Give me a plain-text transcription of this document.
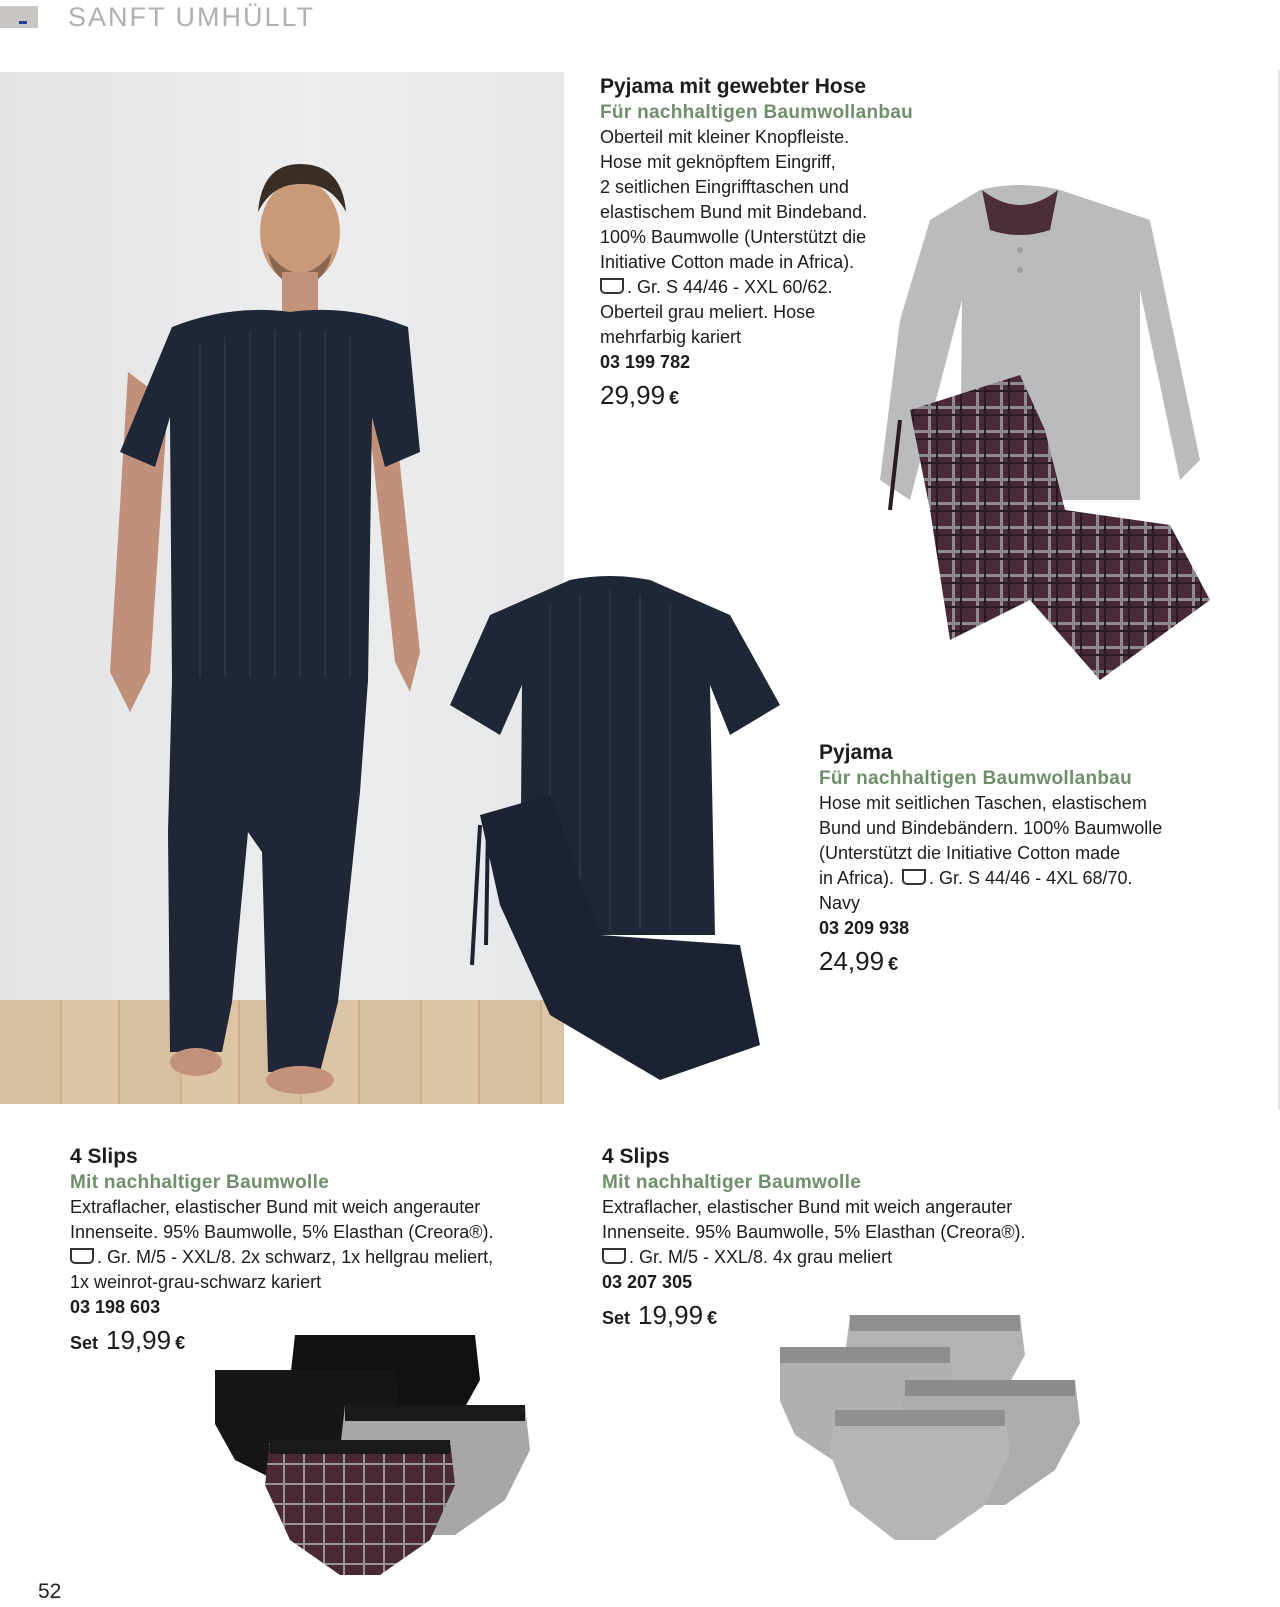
SANFT UMHÜLLT
Pyjama mit gewebter Hose
Für nachhaltigen Baumwollanbau
Oberteil mit kleiner Knopfleiste.
Hose mit geknöpftem Eingriff,
2 seitlichen Eingrifftaschen und
elastischem Bund mit Bindeband.
100% Baumwolle (Unterstützt die
Initiative Cotton made in Africa).
. Gr. S 44/46 - XXL 60/62.
Oberteil grau meliert. Hose
mehrfarbig kariert
03 199 782
29,99 €
Pyjama
Für nachhaltigen Baumwollanbau
Hose mit seitlichen Taschen, elastischem
Bund und Bindebändern. 100% Baumwolle
(Unterstützt die Initiative Cotton made
in Africa). . Gr. S 44/46 - 4XL 68/70.
Navy
03 209 938
24,99 €
4 Slips
Mit nachhaltiger Baumwolle
Extraflacher, elastischer Bund mit weich angerauter
Innenseite. 95% Baumwolle, 5% Elasthan (Creora®).
. Gr. M/5 - XXL/8. 2x schwarz, 1x hellgrau meliert,
1x weinrot-grau-schwarz kariert
03 198 603
Set 19,99 €
4 Slips
Mit nachhaltiger Baumwolle
Extraflacher, elastischer Bund mit weich angerauter
Innenseite. 95% Baumwolle, 5% Elasthan (Creora®).
. Gr. M/5 - XXL/8. 4x grau meliert
03 207 305
Set 19,99 €
52
